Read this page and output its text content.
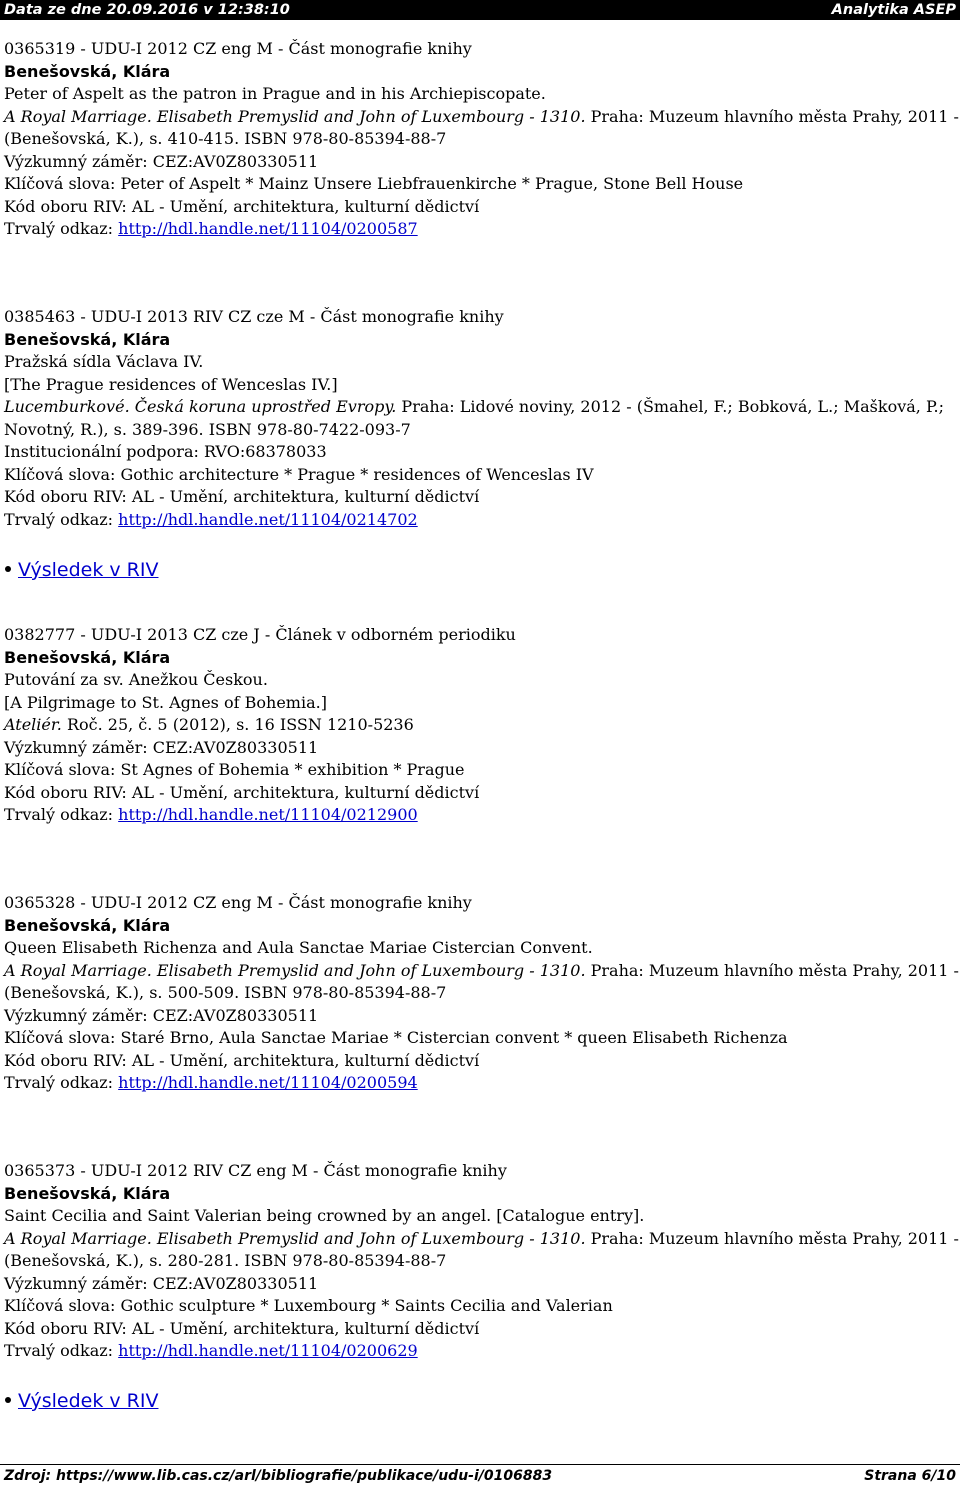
Data ze dne 20.09.2016 v 12:38:10	Analytika ASEP
0365319 - UDU-I 2012 CZ eng M - Část monografie knihy
Benešovská, Klára
Peter of Aspelt as the patron in Prague and in his Archiepiscopate.
A Royal Marriage. Elisabeth Premyslid and John of Luxembourg - 1310. Praha: Muzeum hlavního města Prahy, 2011 -
(Benešovská, K.), s. 410-415. ISBN 978-80-85394-88-7
Výzkumný záměr: CEZ:AV0Z80330511
Klíčová slova: Peter of Aspelt * Mainz Unsere Liebfrauenkirche * Prague, Stone Bell House
Kód oboru RIV: AL - Umění, architektura, kulturní dědictví
Trvalý odkaz: http://hdl.handle.net/11104/0200587
0385463 - UDU-I 2013 RIV CZ cze M - Část monografie knihy
Benešovská, Klára
Pražská sídla Václava IV.
[The Prague residences of Wenceslas IV.]
Lucemburkové. Česká koruna uprostřed Evropy. Praha: Lidové noviny, 2012 - (Šmahel, F.; Bobková, L.; Mašková, P.;
Novotný, R.), s. 389-396. ISBN 978-80-7422-093-7
Institucionální podpora: RVO:68378033
Klíčová slova: Gothic architecture * Prague * residences of Wenceslas IV
Kód oboru RIV: AL - Umění, architektura, kulturní dědictví
Trvalý odkaz: http://hdl.handle.net/11104/0214702
Výsledek v RIV
0382777 - UDU-I 2013 CZ cze J - Článek v odborném periodiku
Benešovská, Klára
Putování za sv. Anežkou Českou.
[A Pilgrimage to St. Agnes of Bohemia.]
Ateliér. Roč. 25, č. 5 (2012), s. 16 ISSN 1210-5236
Výzkumný záměr: CEZ:AV0Z80330511
Klíčová slova: St Agnes of Bohemia * exhibition * Prague
Kód oboru RIV: AL - Umění, architektura, kulturní dědictví
Trvalý odkaz: http://hdl.handle.net/11104/0212900
0365328 - UDU-I 2012 CZ eng M - Část monografie knihy
Benešovská, Klára
Queen Elisabeth Richenza and Aula Sanctae Mariae Cistercian Convent.
A Royal Marriage. Elisabeth Premyslid and John of Luxembourg - 1310. Praha: Muzeum hlavního města Prahy, 2011 -
(Benešovská, K.), s. 500-509. ISBN 978-80-85394-88-7
Výzkumný záměr: CEZ:AV0Z80330511
Klíčová slova: Staré Brno, Aula Sanctae Mariae * Cistercian convent * queen Elisabeth Richenza
Kód oboru RIV: AL - Umění, architektura, kulturní dědictví
Trvalý odkaz: http://hdl.handle.net/11104/0200594
0365373 - UDU-I 2012 RIV CZ eng M - Část monografie knihy
Benešovská, Klára
Saint Cecilia and Saint Valerian being crowned by an angel. [Catalogue entry].
A Royal Marriage. Elisabeth Premyslid and John of Luxembourg - 1310. Praha: Muzeum hlavního města Prahy, 2011 -
(Benešovská, K.), s. 280-281. ISBN 978-80-85394-88-7
Výzkumný záměr: CEZ:AV0Z80330511
Klíčová slova: Gothic sculpture * Luxembourg * Saints Cecilia and Valerian
Kód oboru RIV: AL - Umění, architektura, kulturní dědictví
Trvalý odkaz: http://hdl.handle.net/11104/0200629
Výsledek v RIV
Zdroj: https://www.lib.cas.cz/arl/bibliografie/publikace/udu-i/0106883	Strana 6/10
